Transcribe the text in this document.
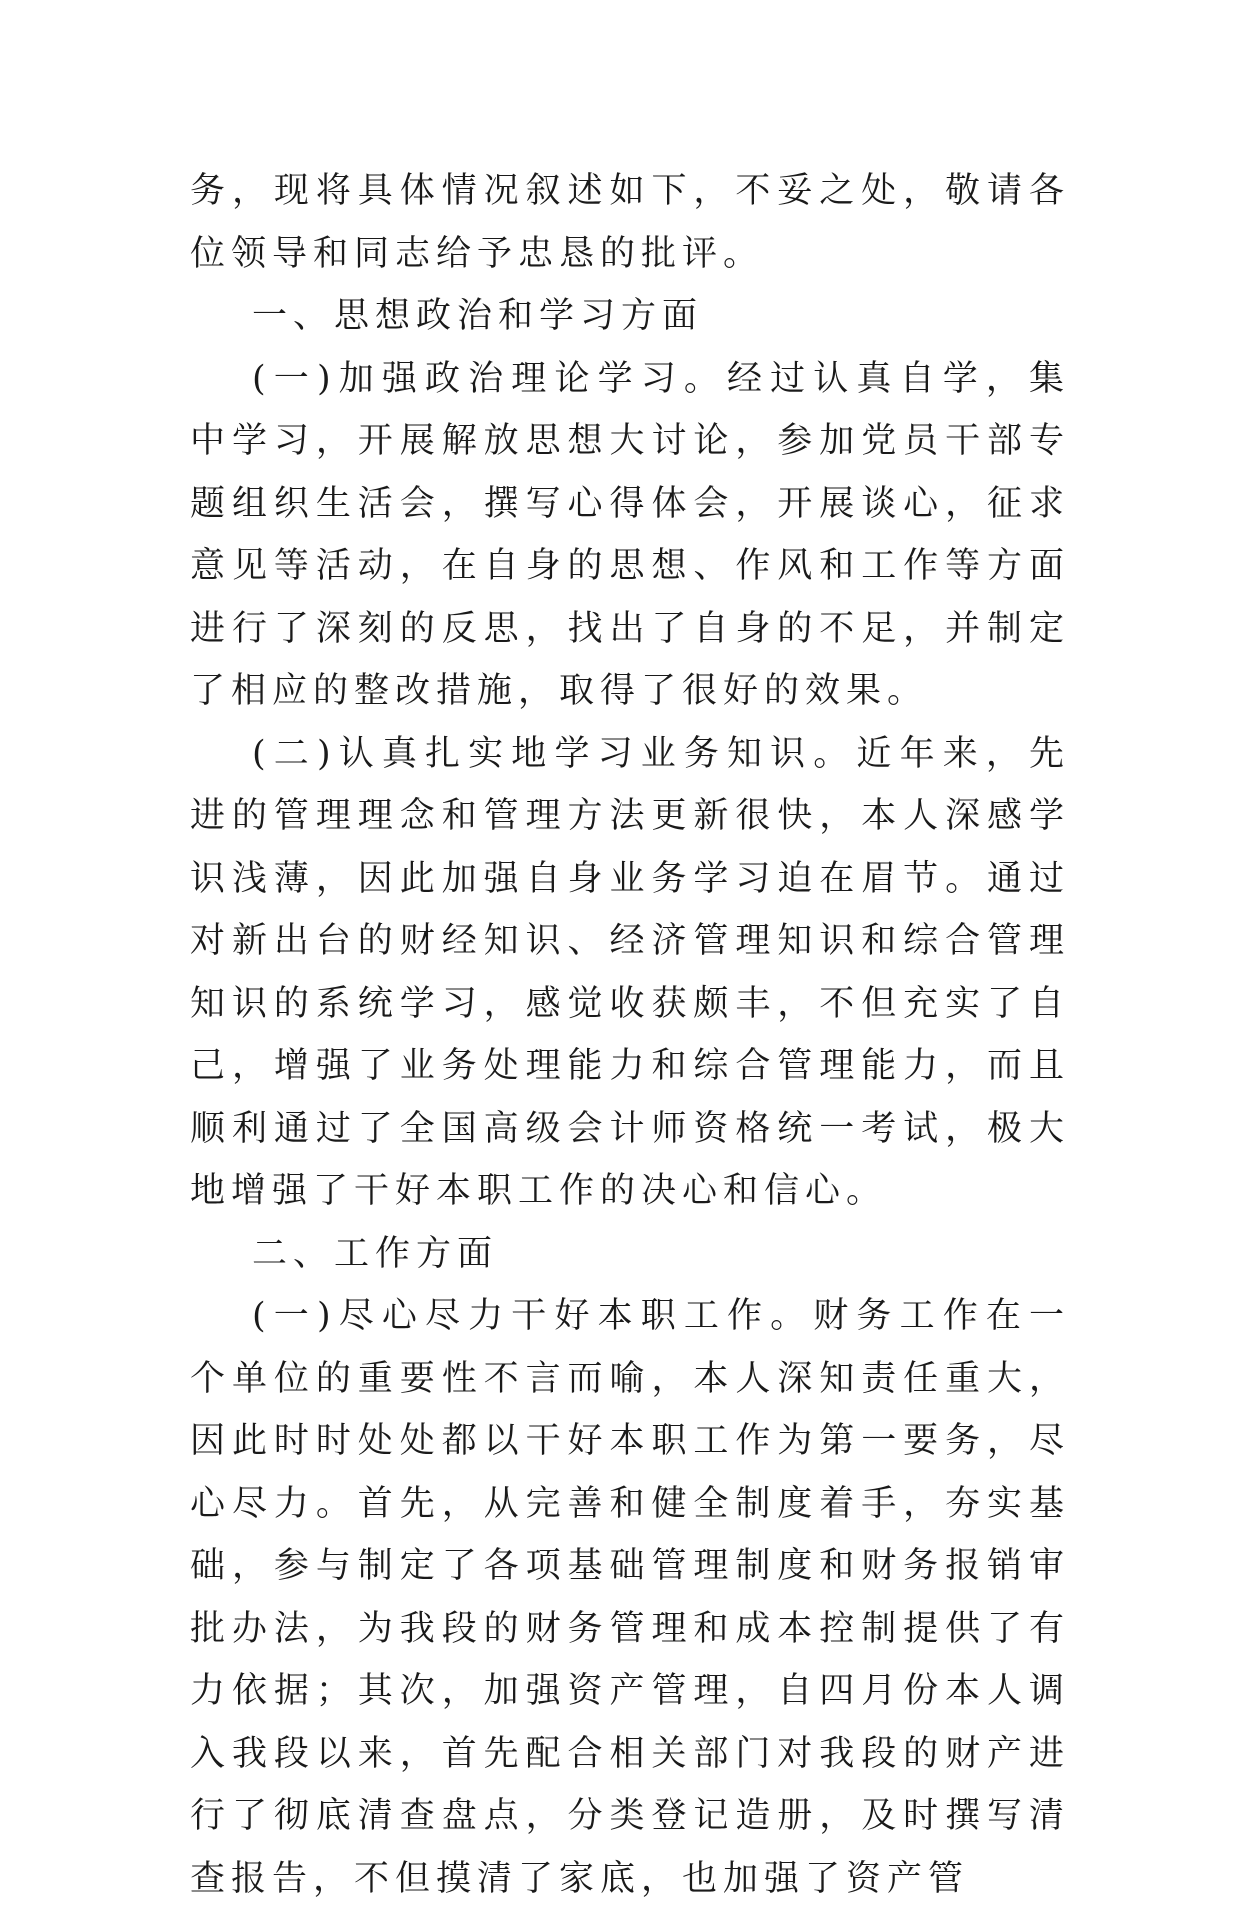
务，现将具体情况叙述如下，不妥之处，敬请各位领导和同志给予忠恳的批评。

一、思想政治和学习方面

(一)加强政治理论学习。经过认真自学，集中学习，开展解放思想大讨论，参加党员干部专题组织生活会，撰写心得体会，开展谈心，征求意见等活动，在自身的思想、作风和工作等方面进行了深刻的反思，找出了自身的不足，并制定了相应的整改措施，取得了很好的效果。

(二)认真扎实地学习业务知识。近年来，先进的管理理念和管理方法更新很快，本人深感学识浅薄，因此加强自身业务学习迫在眉节。通过对新出台的财经知识、经济管理知识和综合管理知识的系统学习，感觉收获颇丰，不但充实了自己，增强了业务处理能力和综合管理能力，而且顺利通过了全国高级会计师资格统一考试，极大地增强了干好本职工作的决心和信心。

二、工作方面

(一)尽心尽力干好本职工作。财务工作在一个单位的重要性不言而喻，本人深知责任重大，因此时时处处都以干好本职工作为第一要务，尽心尽力。首先，从完善和健全制度着手，夯实基础，参与制定了各项基础管理制度和财务报销审批办法，为我段的财务管理和成本控制提供了有力依据；其次，加强资产管理，自四月份本人调入我段以来，首先配合相关部门对我段的财产进行了彻底清查盘点，分类登记造册，及时撰写清查报告，不但摸清了家底，也加强了资产管
